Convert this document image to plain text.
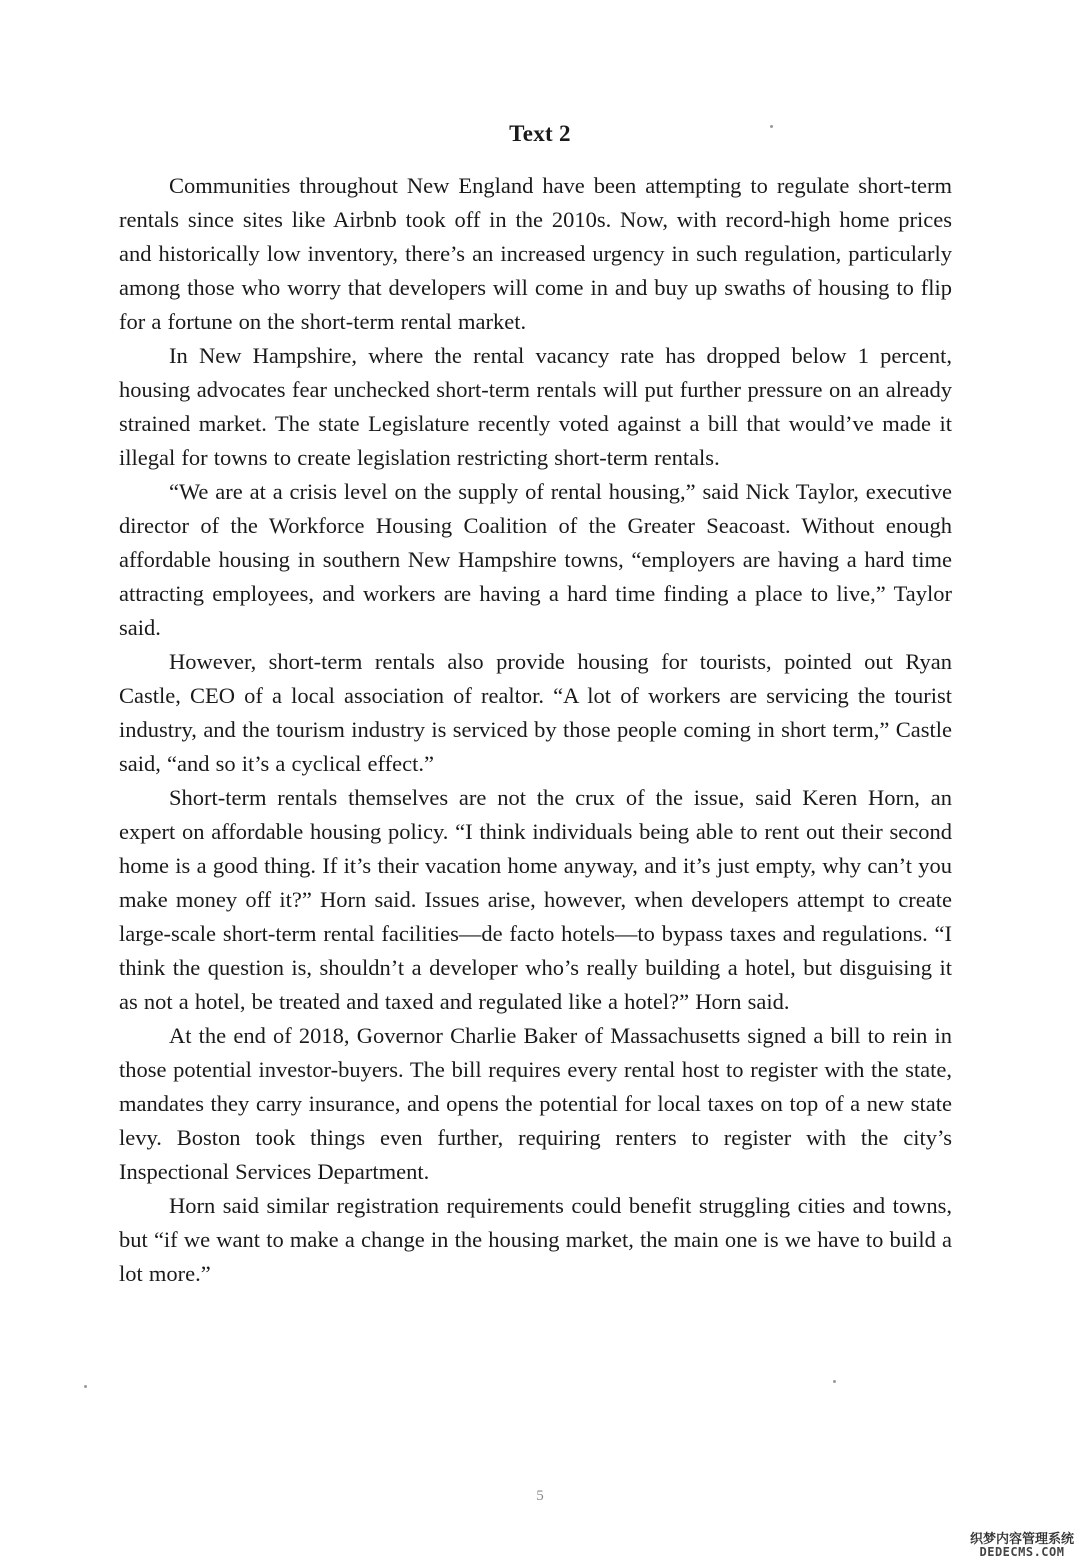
Text 2

Communities throughout New England have been attempting to regulate short-term rentals since sites like Airbnb took off in the 2010s. Now, with record-high home prices and historically low inventory, there’s an increased urgency in such regulation, particularly among those who worry that developers will come in and buy up swaths of housing to flip for a fortune on the short-term rental market.

In New Hampshire, where the rental vacancy rate has dropped below 1 percent, housing advocates fear unchecked short-term rentals will put further pressure on an already strained market. The state Legislature recently voted against a bill that would’ve made it illegal for towns to create legislation restricting short-term rentals.

“We are at a crisis level on the supply of rental housing,” said Nick Taylor, executive director of the Workforce Housing Coalition of the Greater Seacoast. Without enough affordable housing in southern New Hampshire towns, “employers are having a hard time attracting employees, and workers are having a hard time finding a place to live,” Taylor said.

However, short-term rentals also provide housing for tourists, pointed out Ryan Castle, CEO of a local association of realtor. “A lot of workers are servicing the tourist industry, and the tourism industry is serviced by those people coming in short term,” Castle said, “and so it’s a cyclical effect.”

Short-term rentals themselves are not the crux of the issue, said Keren Horn, an expert on affordable housing policy. “I think individuals being able to rent out their second home is a good thing. If it’s their vacation home anyway, and it’s just empty, why can’t you make money off it?” Horn said. Issues arise, however, when developers attempt to create large-scale short-term rental facilities—de facto hotels—to bypass taxes and regulations. “I think the question is, shouldn’t a developer who’s really building a hotel, but disguising it as not a hotel, be treated and taxed and regulated like a hotel?” Horn said.

At the end of 2018, Governor Charlie Baker of Massachusetts signed a bill to rein in those potential investor-buyers. The bill requires every rental host to register with the state, mandates they carry insurance, and opens the potential for local taxes on top of a new state levy. Boston took things even further, requiring renters to register with the city’s Inspectional Services Department.

Horn said similar registration requirements could benefit struggling cities and towns, but “if we want to make a change in the housing market, the main one is we have to build a lot more.”

5
织梦内容管理系统
DEDECMS.COM
